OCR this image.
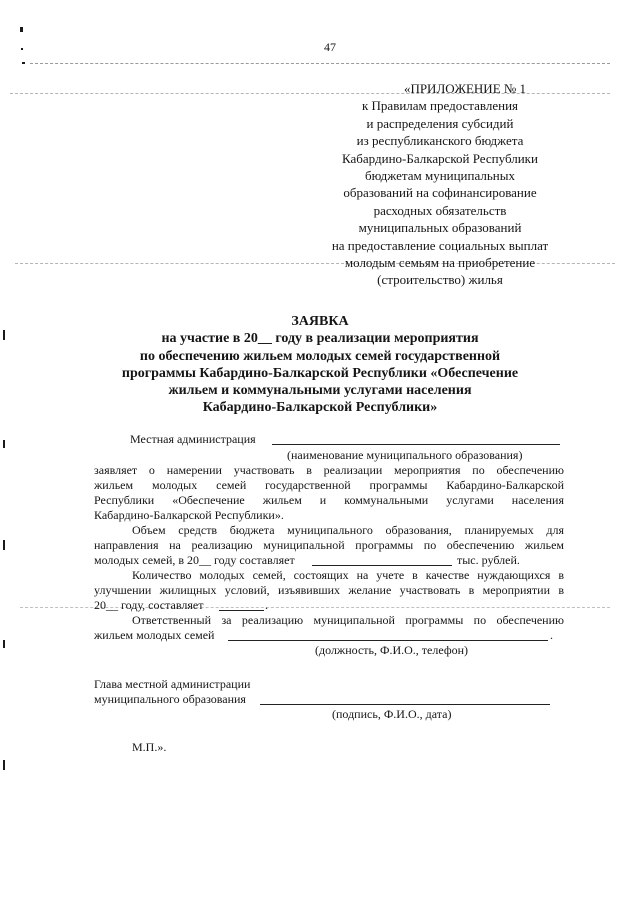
47
«ПРИЛОЖЕНИЕ № 1
к Правилам предоставления
и распределения субсидий
из республиканского бюджета
Кабардино-Балкарской Республики
бюджетам муниципальных
образований на софинансирование
расходных обязательств
муниципальных образований
на предоставление социальных выплат
молодым семьям на приобретение
(строительство) жилья
ЗАЯВКА
на участие в 20__ году в реализации мероприятия
по обеспечению жильем молодых семей государственной
программы Кабардино-Балкарской Республики «Обеспечение
жильем и коммунальными услугами населения
Кабардино-Балкарской Республики»
Местная администрация
(наименование муниципального образования)
заявляет о намерении участвовать в реализации мероприятия по обеспечению
жильем молодых семей государственной программы Кабардино-Балкарской
Республики «Обеспечение жильем и коммунальными услугами населения
Кабардино-Балкарской Республики».
Объем средств бюджета муниципального образования, планируемых для
направления на реализацию муниципальной программы по обеспечению жильем
молодых семей, в 20__ году составляет	тыс. рублей.
Количество молодых семей, состоящих на учете в качестве нуждающихся в
улучшении жилищных условий, изъявивших желание участвовать в мероприятии в
20__ году, составляет	.
Ответственный за реализацию муниципальной программы по обеспечению
жильем молодых семей	.
(должность, Ф.И.О., телефон)
Глава местной администрации
муниципального образования
(подпись, Ф.И.О., дата)
М.П.».
